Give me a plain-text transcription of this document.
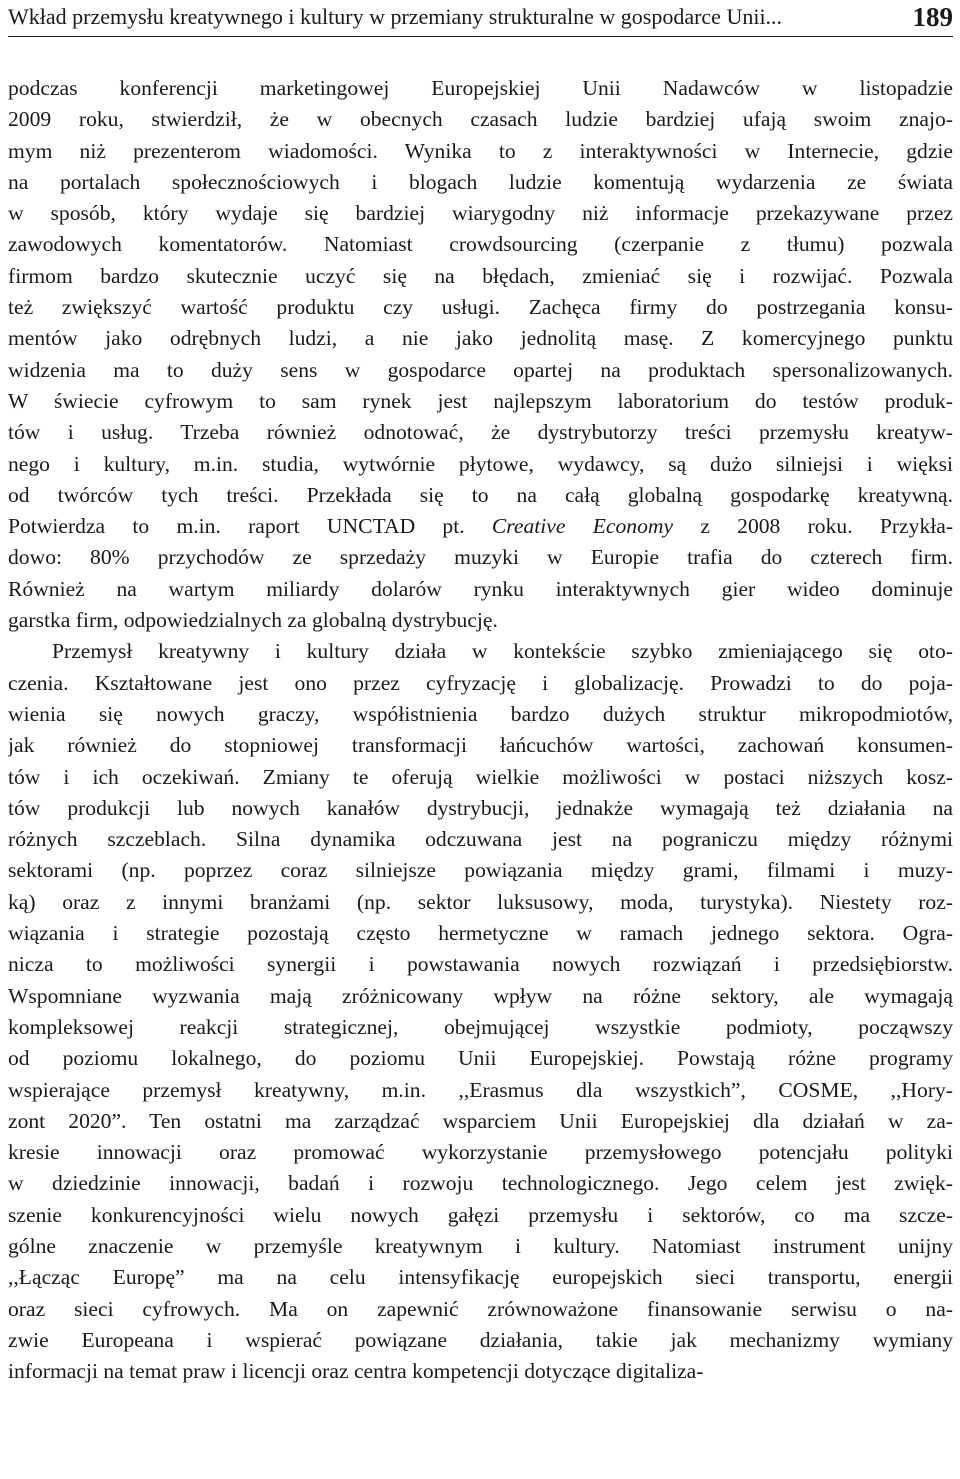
Wkład przemysłu kreatywnego i kultury w przemiany strukturalne w gospodarce Unii...	189

podczas konferencji marketingowej Europejskiej Unii Nadawców w listopadzie

2009 roku, stwierdził, że w obecnych czasach ludzie bardziej ufają swoim znajo-

mym niż prezenterom wiadomości. Wynika to z interaktywności w Internecie, gdzie

na portalach społecznościowych i blogach ludzie komentują wydarzenia ze świata

w sposób, który wydaje się bardziej wiarygodny niż informacje przekazywane przez

zawodowych komentatorów. Natomiast crowdsourcing (czerpanie z tłumu) pozwala

firmom bardzo skutecznie uczyć się na błędach, zmieniać się i rozwijać. Pozwala

też zwiększyć wartość produktu czy usługi. Zachęca firmy do postrzegania konsu-

mentów jako odrębnych ludzi, a nie jako jednolitą masę. Z komercyjnego punktu

widzenia ma to duży sens w gospodarce opartej na produktach spersonalizowanych.

W świecie cyfrowym to sam rynek jest najlepszym laboratorium do testów produk-

tów i usług. Trzeba również odnotować, że dystrybutorzy treści przemysłu kreatyw-

nego i kultury, m.in. studia, wytwórnie płytowe, wydawcy, są dużo silniejsi i więksi

od twórców tych treści. Przekłada się to na całą globalną gospodarkę kreatywną.

Potwierdza to m.in. raport UNCTAD pt. Creative Economy z 2008 roku. Przykła-

dowo: 80% przychodów ze sprzedaży muzyki w Europie trafia do czterech firm.

Również na wartym miliardy dolarów rynku interaktywnych gier wideo dominuje

garstka firm, odpowiedzialnych za globalną dystrybucję.

Przemysł kreatywny i kultury działa w kontekście szybko zmieniającego się oto-

czenia. Kształtowane jest ono przez cyfryzację i globalizację. Prowadzi to do poja-

wienia się nowych graczy, współistnienia bardzo dużych struktur mikropodmiotów,

jak również do stopniowej transformacji łańcuchów wartości, zachowań konsumen-

tów i ich oczekiwań. Zmiany te oferują wielkie możliwości w postaci niższych kosz-

tów produkcji lub nowych kanałów dystrybucji, jednakże wymagają też działania na

różnych szczeblach. Silna dynamika odczuwana jest na pograniczu między różnymi

sektorami (np. poprzez coraz silniejsze powiązania między grami, filmami i muzy-

ką) oraz z innymi branżami (np. sektor luksusowy, moda, turystyka). Niestety roz-

wiązania i strategie pozostają często hermetyczne w ramach jednego sektora. Ogra-

nicza to możliwości synergii i powstawania nowych rozwiązań i przedsiębiorstw.

Wspomniane wyzwania mają zróżnicowany wpływ na różne sektory, ale wymagają

kompleksowej reakcji strategicznej, obejmującej wszystkie podmioty, począwszy

od poziomu lokalnego, do poziomu Unii Europejskiej. Powstają różne programy

wspierające przemysł kreatywny, m.in. ,,Erasmus dla wszystkich”, COSME, ,,Hory-

zont 2020”. Ten ostatni ma zarządzać wsparciem Unii Europejskiej dla działań w za-

kresie innowacji oraz promować wykorzystanie przemysłowego potencjału polityki

w dziedzinie innowacji, badań i rozwoju technologicznego. Jego celem jest zwięk-

szenie konkurencyjności wielu nowych gałęzi przemysłu i sektorów, co ma szcze-

gólne znaczenie w przemyśle kreatywnym i kultury. Natomiast instrument unijny

,,Łącząc Europę” ma na celu intensyfikację europejskich sieci transportu, energii

oraz sieci cyfrowych. Ma on zapewnić zrównoważone finansowanie serwisu o na-

zwie Europeana i wspierać powiązane działania, takie jak mechanizmy wymiany

informacji na temat praw i licencji oraz centra kompetencji dotyczące digitaliza-
